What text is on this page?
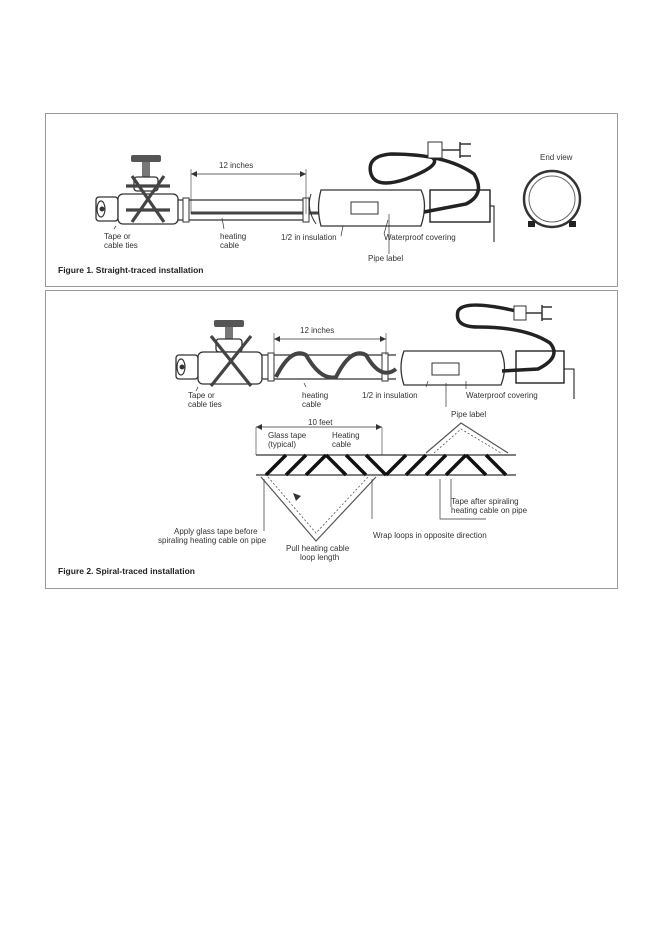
12 inches
Tape or
cable ties
heating
cable
1/2 in insulation	Waterproof covering
Pipe label
End view
Figure 1. Straight-traced installation
12 inches
Tape or
cable ties
heating
cable
1/2 in insulation	Waterproof covering
Pipe label
10 feet
Glass tape
(typical)
Heating
cable
Tape after spiraling
heating cable on pipe
Apply glass tape before
spiraling heating cable on pipe
Wrap loops in opposite direction
Pull heating cable
loop length
Figure 2. Spiral-traced installation
